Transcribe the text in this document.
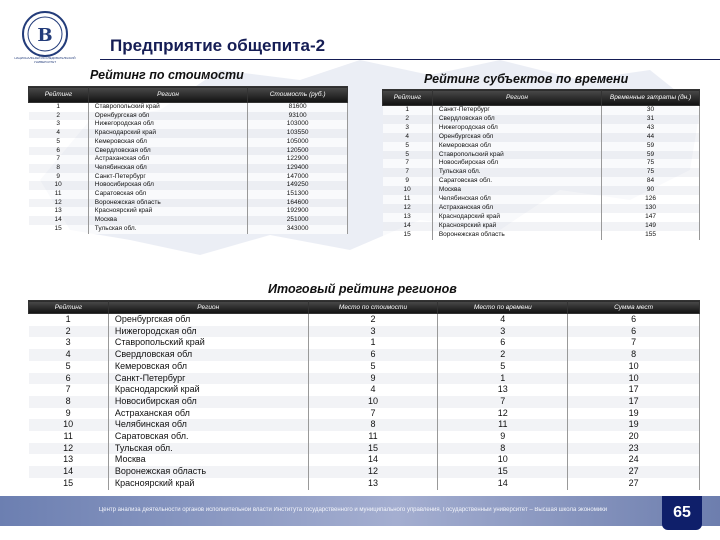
В
НАЦИОНАЛЬНЫЙ ИССЛЕДОВАТЕЛЬСКИЙ УНИВЕРСИТЕТ
Предприятие общепита-2
Рейтинг по стоимости
Рейтинг	Регион	Стоимость (руб.)
1	Ставропольский край	81600
2	Оренбургская обл	93100
3	Нижегородская обл	103000
4	Краснодарский край	103550
5	Кемеровская обл	105000
6	Свердловская обл	120500
7	Астраханская обл	122900
8	Челябинская обл	129400
9	Санкт-Петербург	147000
10	Новосибирская обл	149250
11	Саратовская обл	151300
12	Воронежская область	164600
13	Красноярский край	192900
14	Москва	251000
15	Тульская обл.	343000
Рейтинг субъектов по времени
Рейтинг	Регион	Временные затраты (дн.)
1	Санкт-Петербург	30
2	Свердловская обл	31
3	Нижегородская обл	43
4	Оренбургская обл	44
5	Кемеровская обл	59
5	Ставропольский край	59
7	Новосибирская обл	75
7	Тульская обл.	75
9	Саратовская обл.	84
10	Москва	90
11	Челябинская обл	126
12	Астраханская обл	130
13	Краснодарский край	147
14	Красноярский край	149
15	Воронежская область	155
Итоговый рейтинг регионов
Рейтинг	Регион	Место по стоимости	Место по времени	Сумма мест
1	Оренбургская обл	2	4	6
2	Нижегородская обл	3	3	6
3	Ставропольский край	1	6	7
4	Свердловская обл	6	2	8
5	Кемеровская обл	5	5	10
6	Санкт-Петербург	9	1	10
7	Краснодарский край	4	13	17
8	Новосибирская обл	10	7	17
9	Астраханская обл	7	12	19
10	Челябинская обл	8	11	19
11	Саратовская обл.	11	9	20
12	Тульская обл.	15	8	23
13	Москва	14	10	24
14	Воронежская область	12	15	27
15	Красноярский край	13	14	27
Центр анализа деятельности органов исполнительной власти Института государственного и муниципального управления, Государственный университет – Высшая школа экономики	65
